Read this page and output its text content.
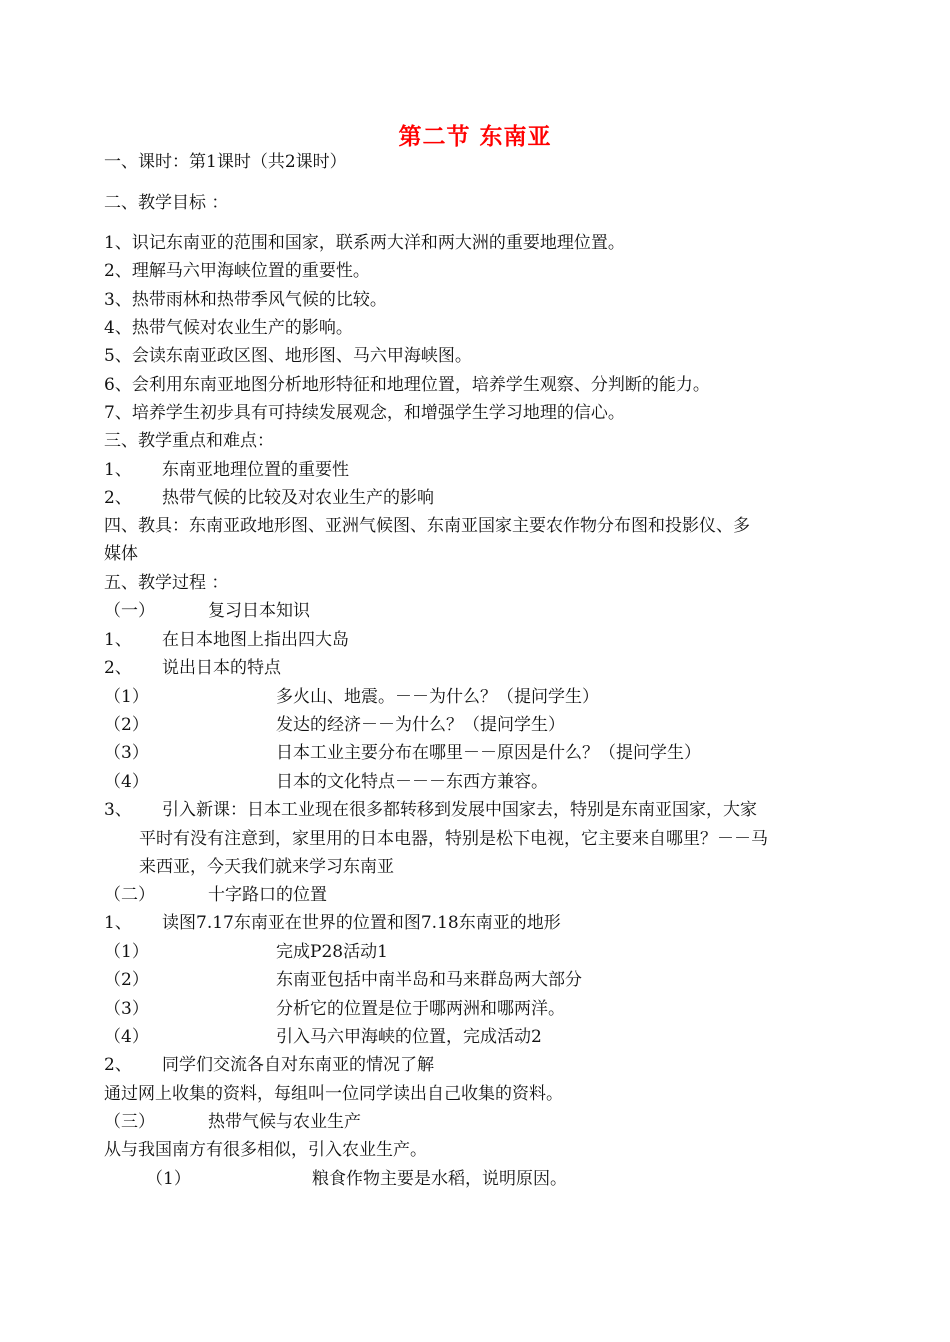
第二节 东南亚
一、课时：第1课时（共2课时）
二、教学目标 ：
1、识记东南亚的范围和国家，联系两大洋和两大洲的重要地理位置。
2、理解马六甲海峡位置的重要性。
3、热带雨林和热带季风气候的比较。
4、热带气候对农业生产的影响。
5、会读东南亚政区图、地形图、马六甲海峡图。
6、会利用东南亚地图分析地形特征和地理位置，培养学生观察、分判断的能力。
7、培养学生初步具有可持续发展观念，和增强学生学习地理的信心。
三、教学重点和难点：
1、 东南亚地理位置的重要性
2、 热带气候的比较及对农业生产的影响
四、教具：东南亚政地形图、亚洲气候图、东南亚国家主要农作物分布图和投影仪、多
媒体
五、教学过程 ：
（一）	复习日本知识
1、 在日本地图上指出四大岛
2、 说出日本的特点
（1）	多火山、地震。－－为什么？（提问学生）
（2）	发达的经济－－为什么？（提问学生）
（3）	日本工业主要分布在哪里－－原因是什么？（提问学生）
（4）	日本的文化特点－－－东西方兼容。
3、 引入新课：日本工业现在很多都转移到发展中国家去，特别是东南亚国家，大家
平时有没有注意到，家里用的日本电器，特别是松下电视，它主要来自哪里？－－马
来西亚，今天我们就来学习东南亚
（二）	十字路口的位置
1、 读图7.17东南亚在世界的位置和图7.18东南亚的地形
（1）	完成P28活动1
（2）	东南亚包括中南半岛和马来群岛两大部分
（3）	分析它的位置是位于哪两洲和哪两洋。
（4）	引入马六甲海峡的位置，完成活动2
2、 同学们交流各自对东南亚的情况了解
通过网上收集的资料，每组叫一位同学读出自己收集的资料。
（三）	热带气候与农业生产
从与我国南方有很多相似，引入农业生产。
（1）	粮食作物主要是水稻，说明原因。
